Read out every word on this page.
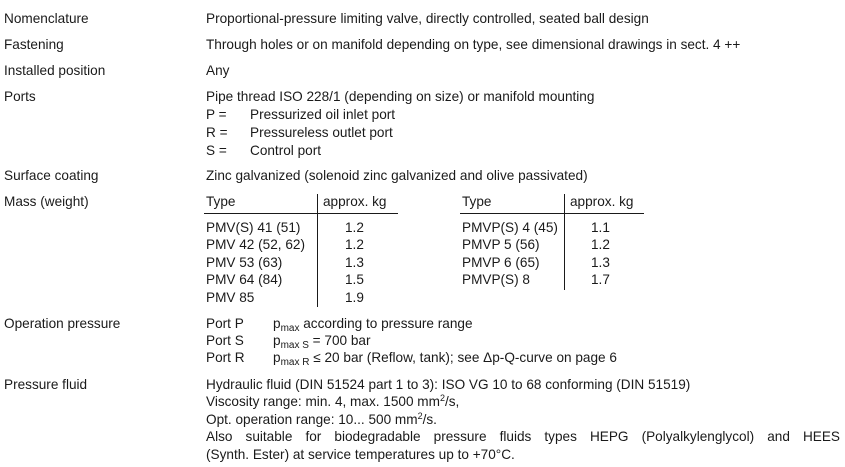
Nomenclature	Proportional-pressure limiting valve, directly controlled, seated ball design
Fastening	Through holes or on manifold depending on type, see dimensional drawings in sect. 4 ++
Installed position	Any
Ports	Pipe thread ISO 228/1 (depending on size) or manifold mounting
P = Pressurized oil inlet port
R = Pressureless outlet port
S = Control port
Surface coating	Zinc galvanized (solenoid zinc galvanized and olive passivated)
Mass (weight)	Type	approx. kg
PMV(S) 41 (51)	1.2
PMV 42 (52, 62)	1.2
PMV 53 (63)	1.3
PMV 64 (84)	1.5
PMV 85	1.9
Type	approx. kg
PMVP(S) 4 (45) 1.1
PMVP 5 (56)	1.2
PMVP 6 (65)	1.3
PMVP(S) 8	1.7
Operation pressure	Port P $p_{max}$ according to pressure range
Port S $p_{max S} = 700$ bar
Port R $p_{max R} \le 20$ bar (Reflow, tank); see Δp-Q-curve on page 6
Pressure fluid	Hydraulic fluid (DIN 51524 part 1 to 3): ISO VG 10 to 68 conforming (DIN 51519)
Viscosity range: min. 4, max. 1500 $mm^2/s$,
Opt. operation range: 10... 500 $mm^2/s$.
Also suitable for biodegradable pressure fluids types HEPG (Polyalkylenglycol) and HEES
(Synth. Ester) at service temperatures up to +70°C.
